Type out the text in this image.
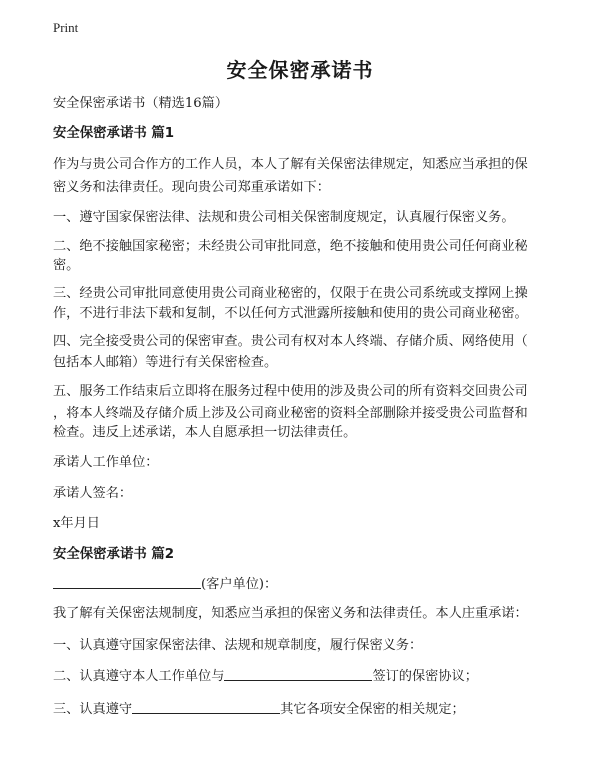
Print
安全保密承诺书
安全保密承诺书（精选16篇）
安全保密承诺书 篇1
作为与贵公司合作方的工作人员，本人了解有关保密法律规定，知悉应当承担的保
密义务和法律责任。现向贵公司郑重承诺如下：
一、遵守国家保密法律、法规和贵公司相关保密制度规定，认真履行保密义务。
二、绝不接触国家秘密；未经贵公司审批同意，绝不接触和使用贵公司任何商业秘
密。
三、经贵公司审批同意使用贵公司商业秘密的，仅限于在贵公司系统或支撑网上操
作，不进行非法下载和复制，不以任何方式泄露所接触和使用的贵公司商业秘密。
四、完全接受贵公司的保密审查。贵公司有权对本人终端、存储介质、网络使用（
包括本人邮箱）等进行有关保密检查。
五、服务工作结束后立即将在服务过程中使用的涉及贵公司的所有资料交回贵公司
，将本人终端及存储介质上涉及公司商业秘密的资料全部删除并接受贵公司监督和
检查。违反上述承诺，本人自愿承担一切法律责任。
承诺人工作单位：
承诺人签名：
x年月日
安全保密承诺书 篇2
(客户单位)：
我了解有关保密法规制度，知悉应当承担的保密义务和法律责任。本人庄重承诺：
一、认真遵守国家保密法律、法规和规章制度，履行保密义务：
二、认真遵守本人工作单位与	签订的保密协议；
三、认真遵守	其它各项安全保密的相关规定；
